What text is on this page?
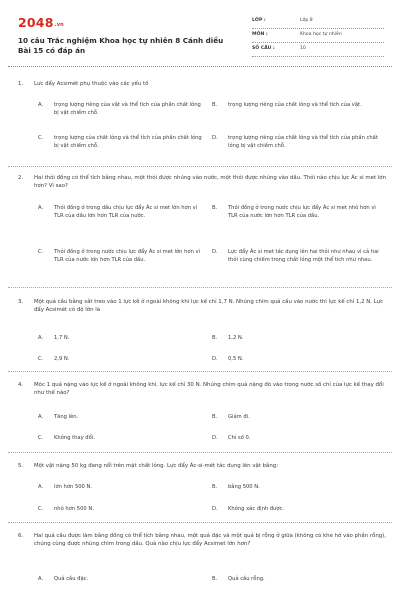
2048.vn
10 câu Trắc nghiệm Khoa học tự nhiên 8 Cánh diều Bài 15 có đáp án
LỚP :	Lớp 8
MÔN :	Khoa học tự nhiên
SỐ CÂU :	10
1. Lực đẩy Acsimét phụ thuộc vào các yếu tố
A. trọng lượng riêng của vật và thể tích của phần chất lỏng bị vật chiếm chỗ.
B. trọng lượng riêng của chất lỏng và thể tích của vật.
C. trọng lượng của chất lỏng và thể tích của phần chất lỏng bị vật chiếm chỗ.
D. trọng lượng riêng của chất lỏng và thể tích của phần chất lỏng bị vật chiếm chỗ.
2. Hai thỏi đồng có thể tích bằng nhau, một thỏi được nhúng vào nước, một thỏi được nhúng vào dầu. Thỏi nào chịu lực Ác si met lớn hơn? Vì sao?
A. Thỏi đồng ở trong dầu chịu lực đẩy Ác si met lớn hơn vì TLR của dầu lớn hơn TLR của nước.
B. Thỏi đồng ở trong nước chịu lực đẩy Ác si met nhỏ hơn vì TLR của nước lớn hơn TLR của dầu.
C. Thỏi đồng ở trong nước chịu lực đẩy Ác si met lớn hơn vì TLR của nước lớn hơn TLR của dầu.
D. Lực đẩy Ác si met tác dụng lên hai thỏi như nhau vì cả hai thỏi cùng chiếm trong chất lỏng một thể tích như nhau.
3. Một quả cầu bằng sắt treo vào 1 lực kế ở ngoài không khí lực kế chỉ 1,7 N. Nhúng chìm quả cầu vào nước thì lực kế chỉ 1,2 N. Lực đẩy Acsimét có độ lớn là
A. 1,7 N.	B. 1,2 N.
C. 2,9 N.	D. 0,5 N.
4. Móc 1 quả nặng vào lực kế ở ngoài không khí, lực kế chỉ 30 N. Nhúng chìm quả nặng đó vào trong nước số chỉ của lực kế thay đổi như thế nào?
A. Tăng lên.	B. Giảm đi.
C. Không thay đổi.	D. Chỉ số 0.
5. Một vật nặng 50 kg đang nổi trên mặt chất lỏng. Lực đẩy Ác-si-mét tác dụng lên vật bằng:
A. lớn hơn 500 N.	B. bằng 500 N.
C. nhỏ hơn 500 N.	D. Không xác định được.
6. Hai quả cầu được làm bằng đồng có thể tích bằng nhau, một quả đặc và một quả bị rỗng ở giữa (không có khe hở vào phần rỗng), chúng cùng được nhúng chìm trong dầu. Quả nào chịu lực đẩy Acsimet lớn hơn?
A. Quả cầu đặc.	B. Quả cầu rỗng.
